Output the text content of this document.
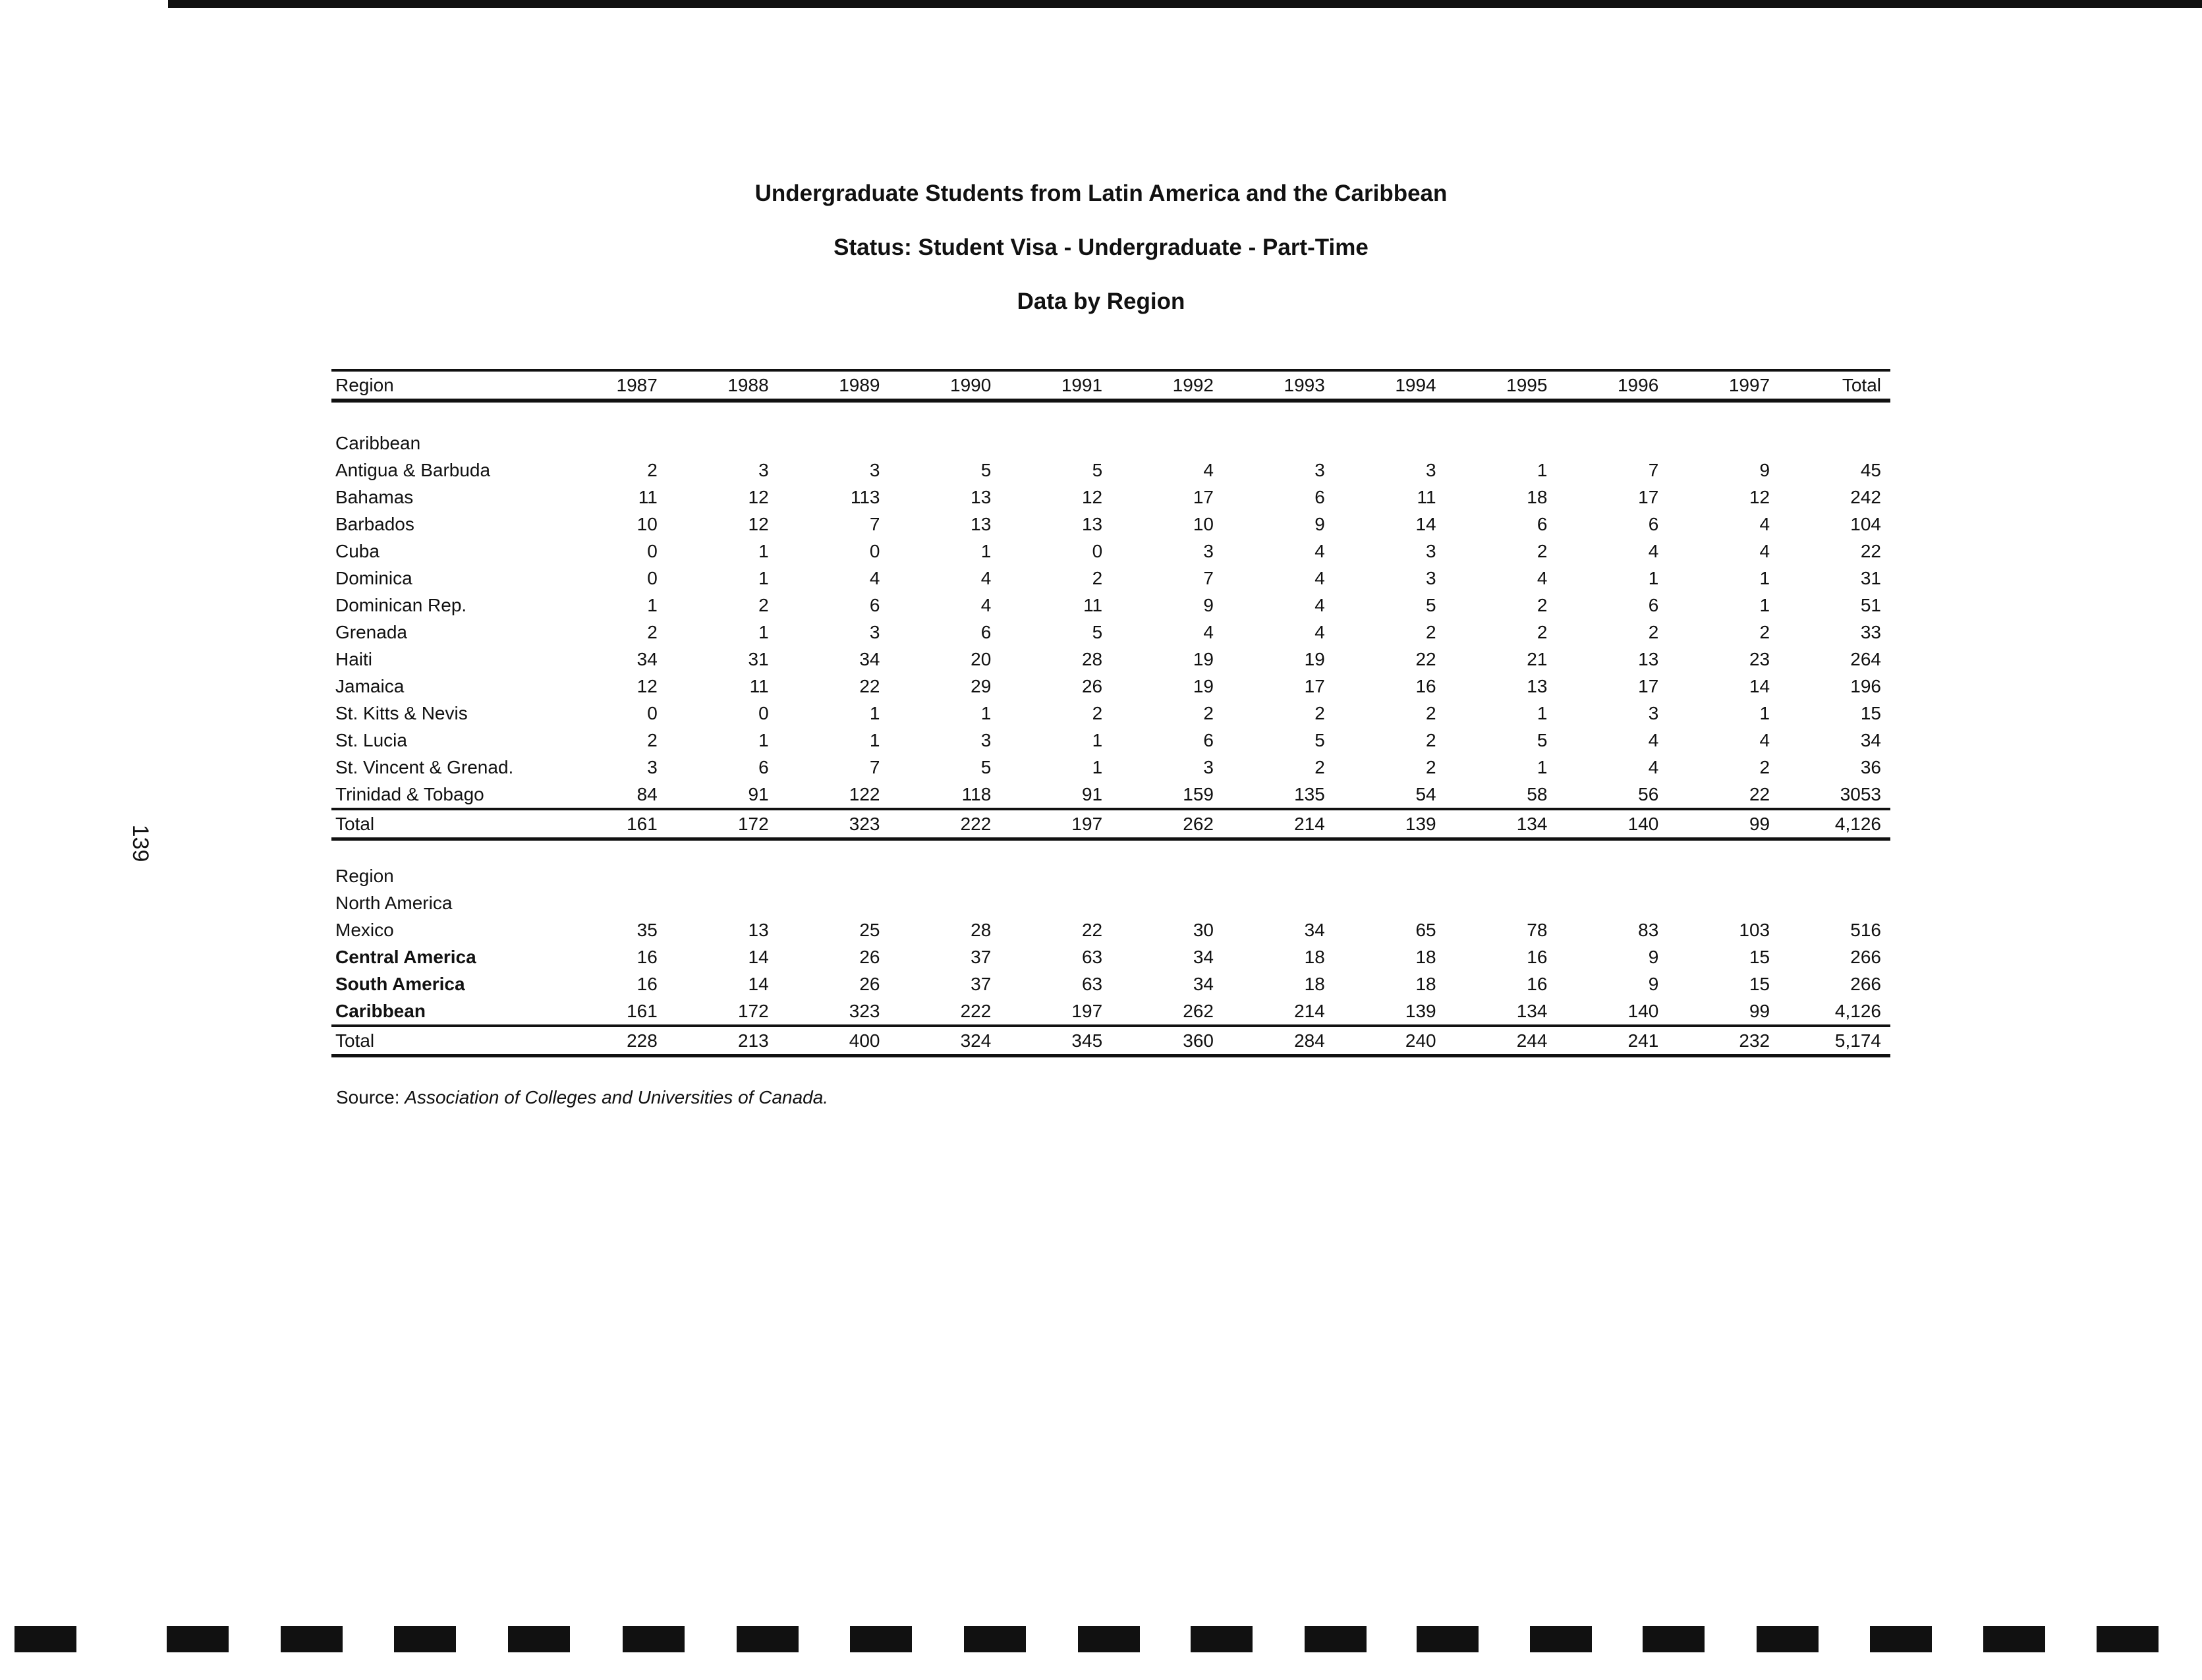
Undergraduate Students from Latin America and the Caribbean
Status: Student Visa - Undergraduate - Part-Time
Data by Region
139
Region	1987	1988	1989	1990	1991	1992	1993	1994	1995	1996	1997	Total

Caribbean												
Antigua & Barbuda	2	3	3	5	5	4	3	3	1	7	9	45
Bahamas	11	12	113	13	12	17	6	11	18	17	12	242
Barbados	10	12	7	13	13	10	9	14	6	6	4	104
Cuba	0	1	0	1	0	3	4	3	2	4	4	22
Dominica	0	1	4	4	2	7	4	3	4	1	1	31
Dominican Rep.	1	2	6	4	11	9	4	5	2	6	1	51
Grenada	2	1	3	6	5	4	4	2	2	2	2	33
Haiti	34	31	34	20	28	19	19	22	21	13	23	264
Jamaica	12	11	22	29	26	19	17	16	13	17	14	196
St. Kitts & Nevis	0	0	1	1	2	2	2	2	1	3	1	15
St. Lucia	2	1	1	3	1	6	5	2	5	4	4	34
St. Vincent & Grenad.	3	6	7	5	1	3	2	2	1	4	2	36
Trinidad & Tobago	84	91	122	118	91	159	135	54	58	56	22	3053
Total	161	172	323	222	197	262	214	139	134	140	99	4,126
Region												
North America												
Mexico	35	13	25	28	22	30	34	65	78	83	103	516
Central America	16	14	26	37	63	34	18	18	16	9	15	266
South America	16	14	26	37	63	34	18	18	16	9	15	266
Caribbean	161	172	323	222	197	262	214	139	134	140	99	4,126
Total	228	213	400	324	345	360	284	240	244	241	232	5,174
Source: Association of Colleges and Universities of Canada.
